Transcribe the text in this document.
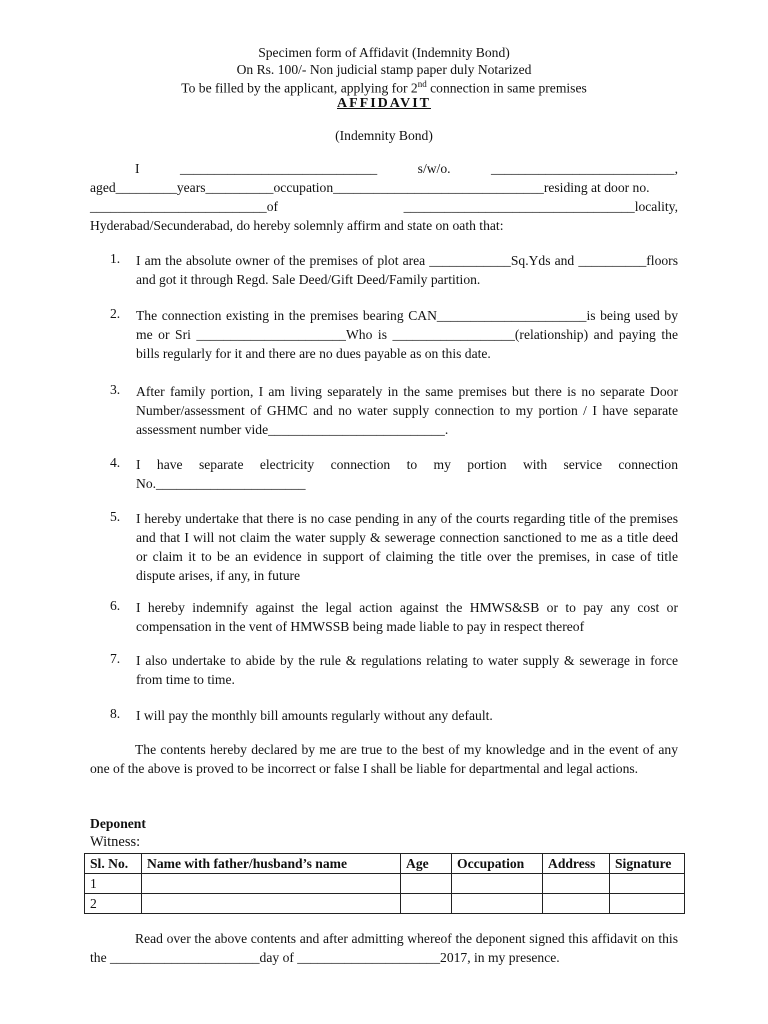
Specimen form of Affidavit (Indemnity Bond)
On Rs. 100/- Non judicial stamp paper duly Notarized
To be filled by the applicant, applying for 2nd connection in same premises
AFFIDAVIT
(Indemnity Bond)
I	_____________________________	s/w/o.	___________________________,
aged_________years__________occupation_______________________________residing at door no.
__________________________of	__________________________________locality,
Hyderabad/Secunderabad, do hereby solemnly affirm and state on oath that:
1.	I am the absolute owner of the premises of plot area ____________Sq.Yds and __________floors and got it through Regd. Sale Deed/Gift Deed/Family partition.
2.	The connection existing in the premises bearing CAN______________________is being used by me or Sri ______________________Who is __________________(relationship) and paying the bills regularly for it and there are no dues payable as on this date.
3.	After family portion, I am living separately in the same premises but there is no separate Door Number/assessment of GHMC and no water supply connection to my portion / I have separate assessment number vide__________________________.
4.	I have separate electricity connection to my portion with service connection No.______________________
5.	I hereby undertake that there is no case pending in any of the courts regarding title of the premises and that I will not claim the water supply & sewerage connection sanctioned to me as a title deed or claim it to be an evidence in support of claiming the title over the premises, in case of title dispute arises, if any, in future
6.	I hereby indemnify against the legal action against the HMWS&SB or to pay any cost or compensation in the vent of HMWSSB being made liable to pay in respect thereof
7.	I also undertake to abide by the rule & regulations relating to water supply & sewerage in force from time to time.
8.	I will pay the monthly bill amounts regularly without any default.
The contents hereby declared by me are true to the best of my knowledge and in the event of any one of the above is proved to be incorrect or false I shall be liable for departmental and legal actions.
Deponent
Witness:
Sl. No.	Name with father/husband’s name	Age	Occupation	Address	Signature
1					
2					
Read over the above contents and after admitting whereof the deponent signed this affidavit on this the ______________________day of _____________________2017, in my presence.
